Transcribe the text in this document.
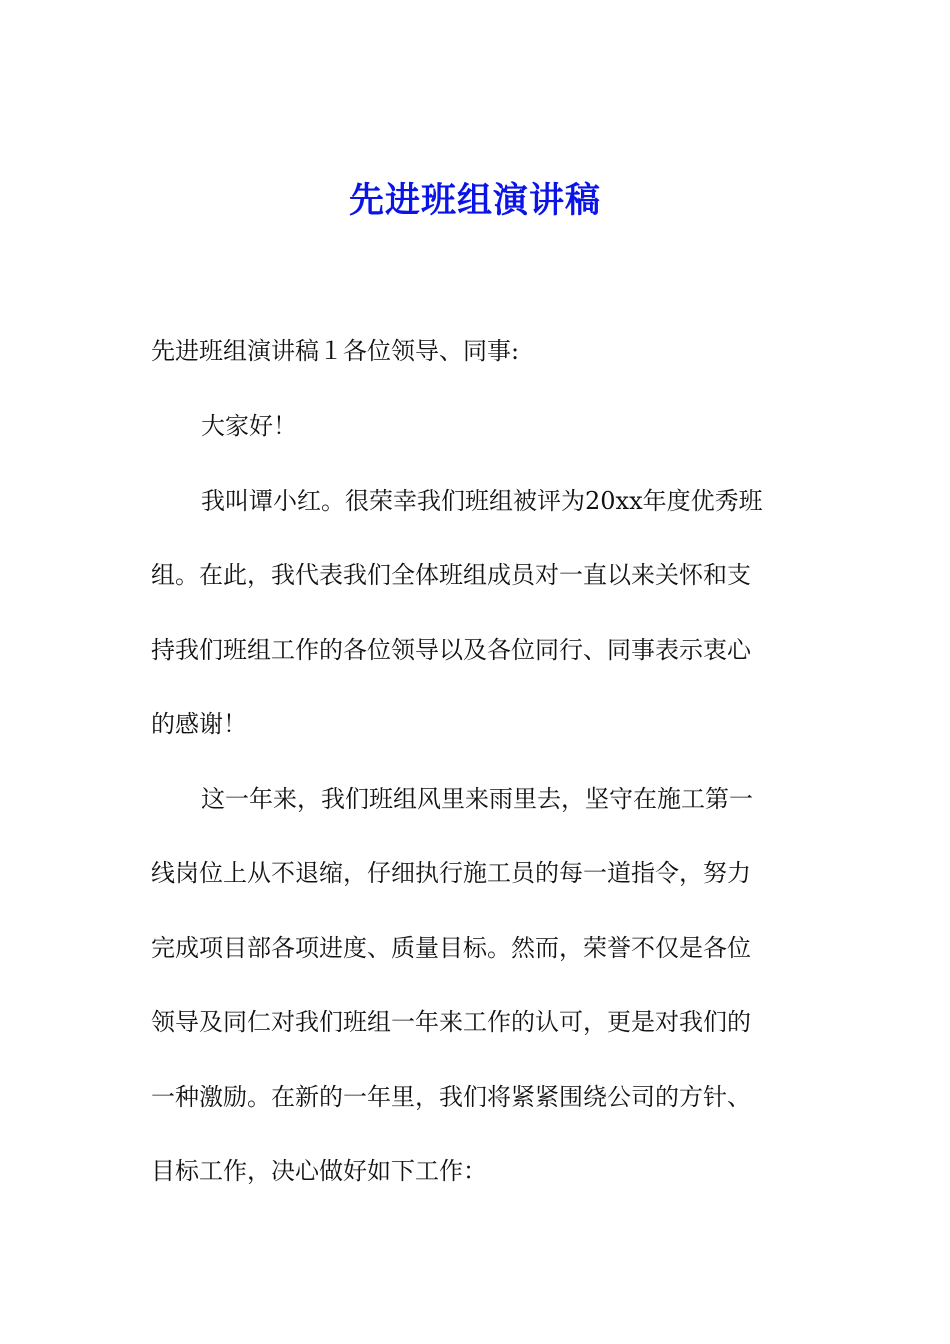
先进班组演讲稿
先进班组演讲稿１各位领导、同事:
大家好！
我叫谭小红。很荣幸我们班组被评为20xx年度优秀班
组。在此，我代表我们全体班组成员对一直以来关怀和支
持我们班组工作的各位领导以及各位同行、同事表示衷心
的感谢！
这一年来，我们班组风里来雨里去，坚守在施工第一
线岗位上从不退缩，仔细执行施工员的每一道指令，努力
完成项目部各项进度、质量目标。然而，荣誉不仅是各位
领导及同仁对我们班组一年来工作的认可，更是对我们的
一种激励。在新的一年里，我们将紧紧围绕公司的方针、
目标工作，决心做好如下工作：
